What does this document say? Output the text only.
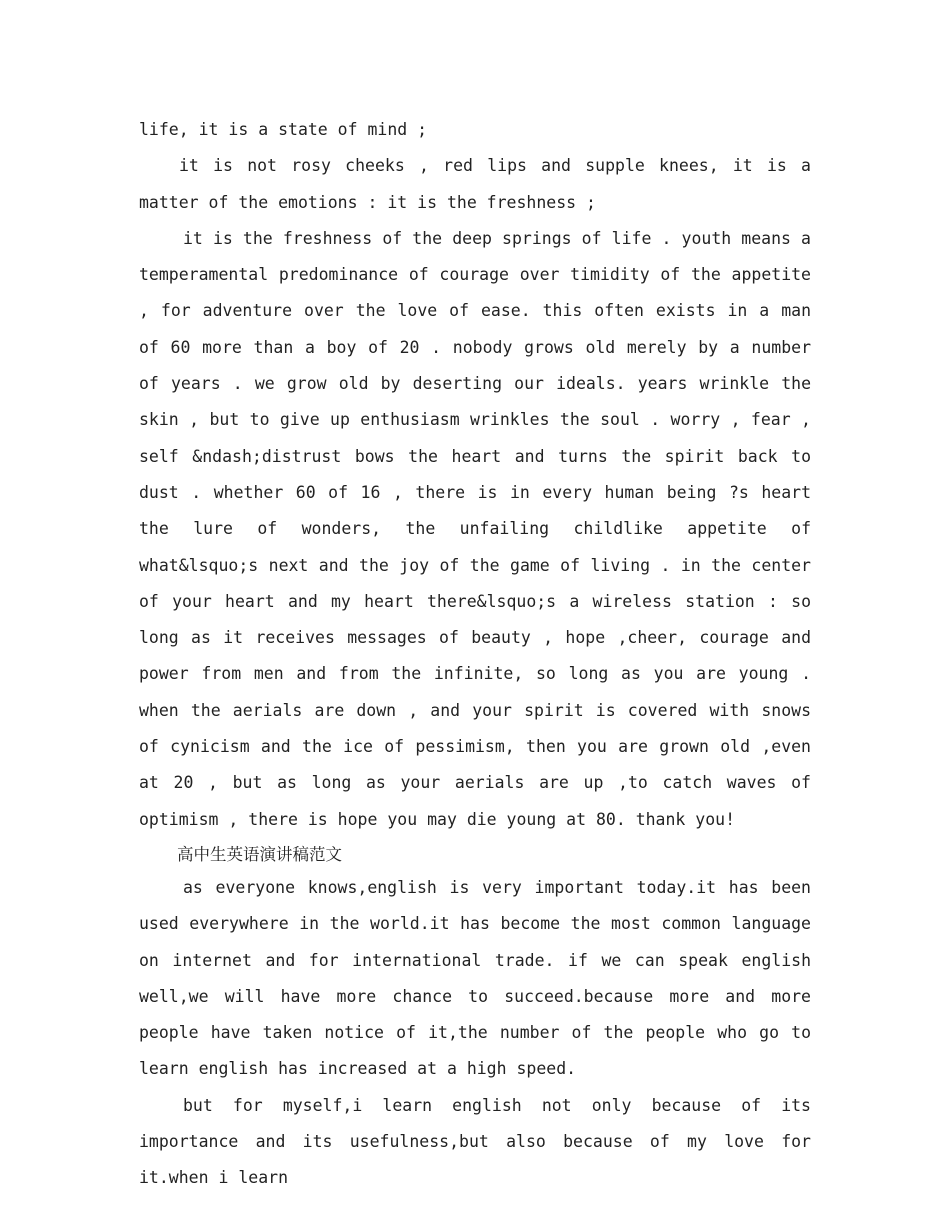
life, it is a state of mind ;

it is not rosy cheeks , red lips and supple knees, it is a matter of the emotions : it is the freshness ;

it is the freshness of the deep springs of life . youth means a temperamental predominance of courage over timidity of the appetite , for adventure over the love of ease. this often exists in a man of 60 more than a boy of 20 . nobody grows old merely by a number of years . we grow old by deserting our ideals. years wrinkle the skin , but to give up enthusiasm wrinkles the soul . worry , fear , self &ndash;distrust bows the heart and turns the spirit back to dust . whether 60 of 16 , there is in every human being ?s heart the lure of wonders, the unfailing childlike appetite of what&lsquo;s next and the joy of the game of living . in the center of your heart and my heart there&lsquo;s a wireless station : so long as it receives messages of beauty , hope ,cheer, courage and power from men and from the infinite, so long as you are young . when the aerials are down , and your spirit is covered with snows of cynicism and the ice of pessimism, then you are grown old ,even at 20 , but as long as your aerials are up ,to catch waves of optimism , there is hope you may die young at 80. thank you!

高中生英语演讲稿范文

as everyone knows,english is very important today.it has been used everywhere in the world.it has become the most common language on internet and for international trade. if we can speak english well,we will have more chance to succeed.because more and more people have taken notice of it,the number of the people who go to learn english has increased at a high speed.

but for myself,i learn english not only because of its importance and its usefulness,but also because of my love for it.when i learn
